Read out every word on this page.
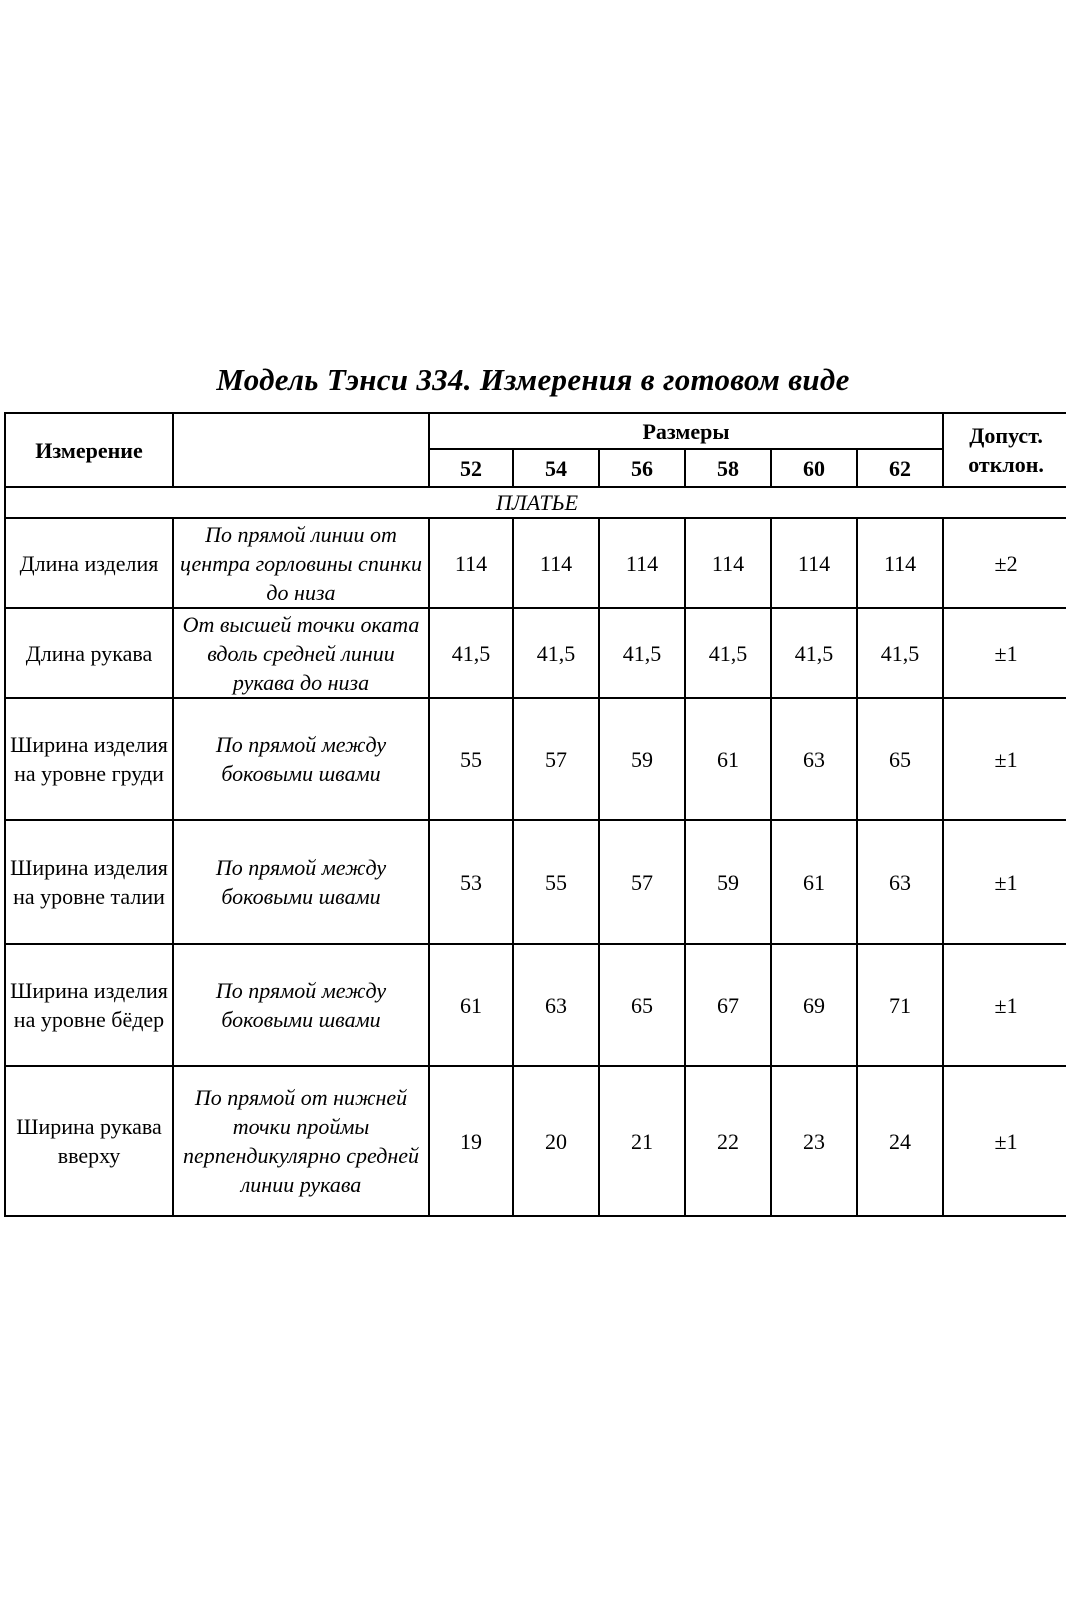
Модель Тэнси 334. Измерения в готовом виде
Измерение		Размеры						Допуст. отклон.
		52	54	56	58	60	62	
ПЛАТЬЕ								
Длина изделия	По прямой линии от центра горловины спинки до низа	114	114	114	114	114	114	±2
Длина рукава	От высшей точки оката вдоль средней линии рукава до низа	41,5	41,5	41,5	41,5	41,5	41,5	±1
Ширина изделия на уровне груди	По прямой между боковыми швами	55	57	59	61	63	65	±1
Ширина изделия на уровне талии	По прямой между боковыми швами	53	55	57	59	61	63	±1
Ширина изделия на уровне бёдер	По прямой между боковыми швами	61	63	65	67	69	71	±1
Ширина рукава вверху	По прямой от нижней точки проймы перпендикулярно средней линии рукава	19	20	21	22	23	24	±1
